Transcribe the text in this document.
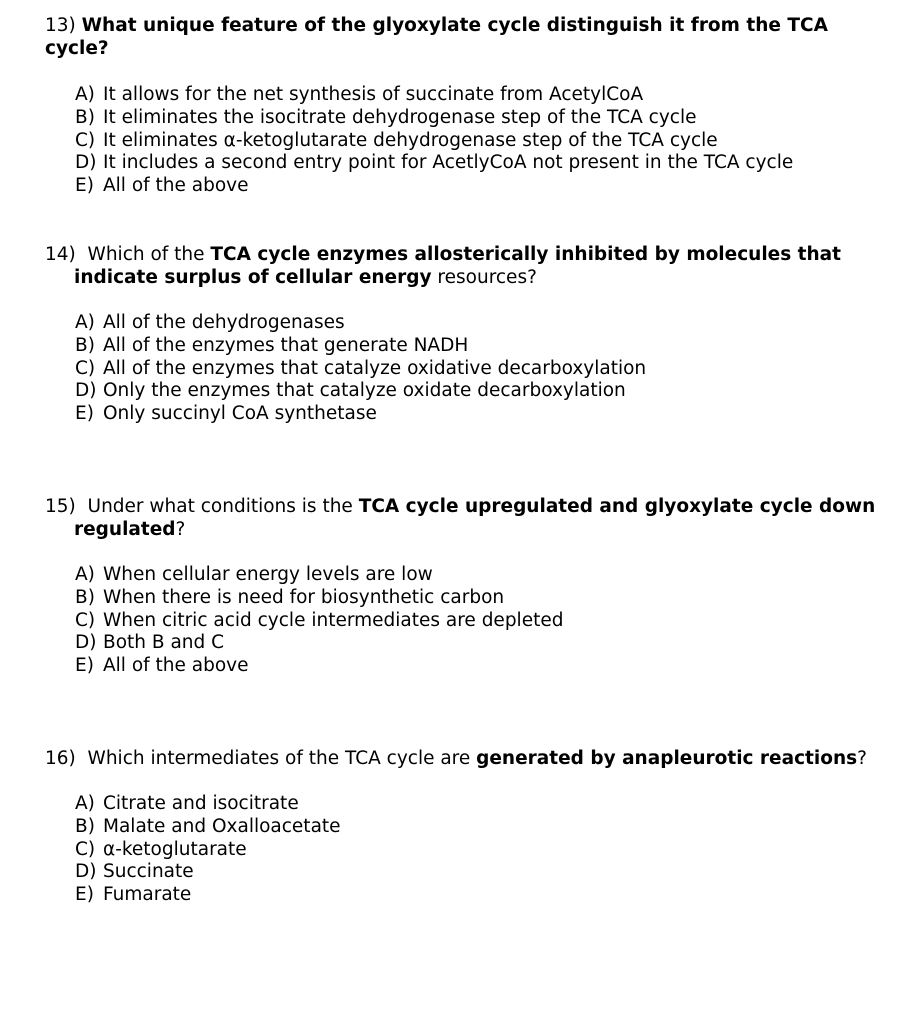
13) What unique feature of the glyoxylate cycle distinguish it from the TCA cycle?

A) It allows for the net synthesis of succinate from AcetylCoA
B) It eliminates the isocitrate dehydrogenase step of the TCA cycle
C) It eliminates α-ketoglutarate dehydrogenase step of the TCA cycle
D) It includes a second entry point for AcetlyCoA not present in the TCA cycle
E) All of the above

14) Which of the TCA cycle enzymes allosterically inhibited by molecules that
indicate surplus of cellular energy resources?

A) All of the dehydrogenases
B) All of the enzymes that generate NADH
C) All of the enzymes that catalyze oxidative decarboxylation
D) Only the enzymes that catalyze oxidate decarboxylation
E) Only succinyl CoA synthetase

15) Under what conditions is the TCA cycle upregulated and glyoxylate cycle down
regulated?

A) When cellular energy levels are low
B) When there is need for biosynthetic carbon
C) When citric acid cycle intermediates are depleted
D) Both B and C
E) All of the above

16) Which intermediates of the TCA cycle are generated by anapleurotic reactions?

A) Citrate and isocitrate
B) Malate and Oxalloacetate
C) α-ketoglutarate
D) Succinate
E) Fumarate
